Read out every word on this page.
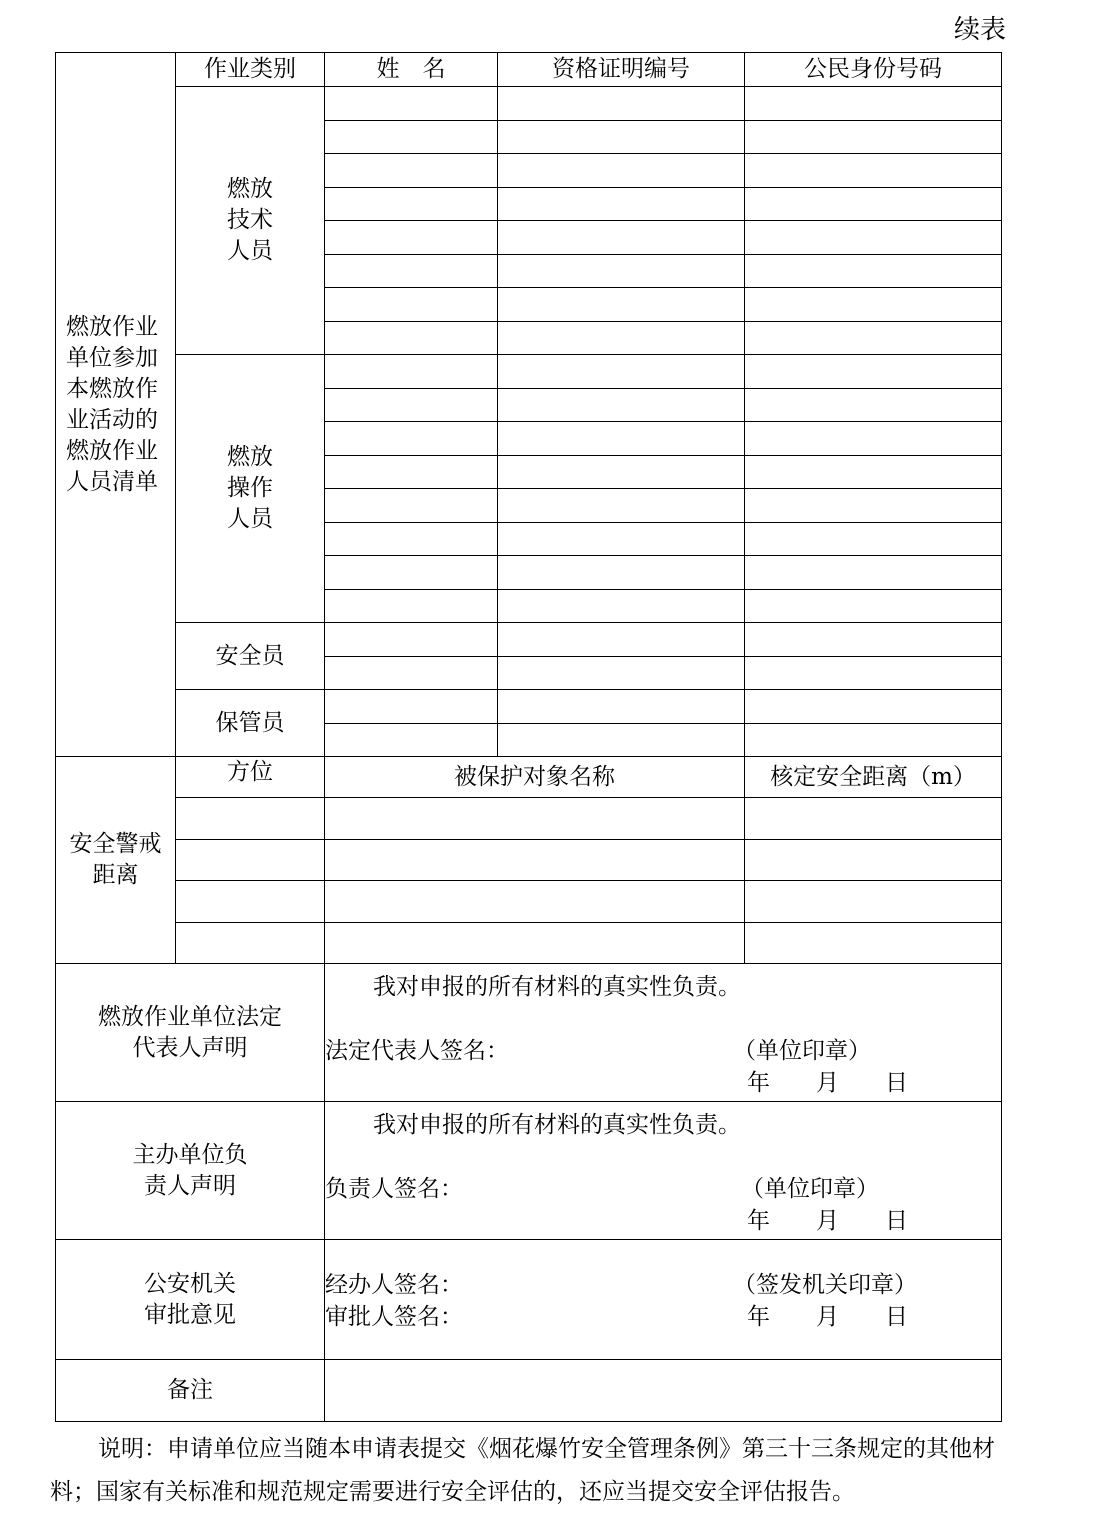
续表
燃放作业单位参加本燃放作业活动的燃放作业人员清单	作业类别	姓　名	资格证明编号	公民身份号码
	燃放技术人员			

	燃放操作人员			

	安全员			

	保管员			

安全警戒距离	方位	被保护对象名称		核定安全距离（m）

燃放作业单位法定代表人声明		我对申报的所有材料的真实性负责。
法定代表人签名： （单位印章）
年　　月　　日		

主办单位负责人声明		我对申报的所有材料的真实性负责。
负责人签名： （单位印章）
年　　月　　日		

公安机关审批意见		经办人签名：
审批人签名：
（签发机关印章）
年　　月　　日		

备注				
说明：申请单位应当随本申请表提交《烟花爆竹安全管理条例》第三十三条规定的其他材料；国家有关标准和规范规定需要进行安全评估的，还应当提交安全评估报告。
